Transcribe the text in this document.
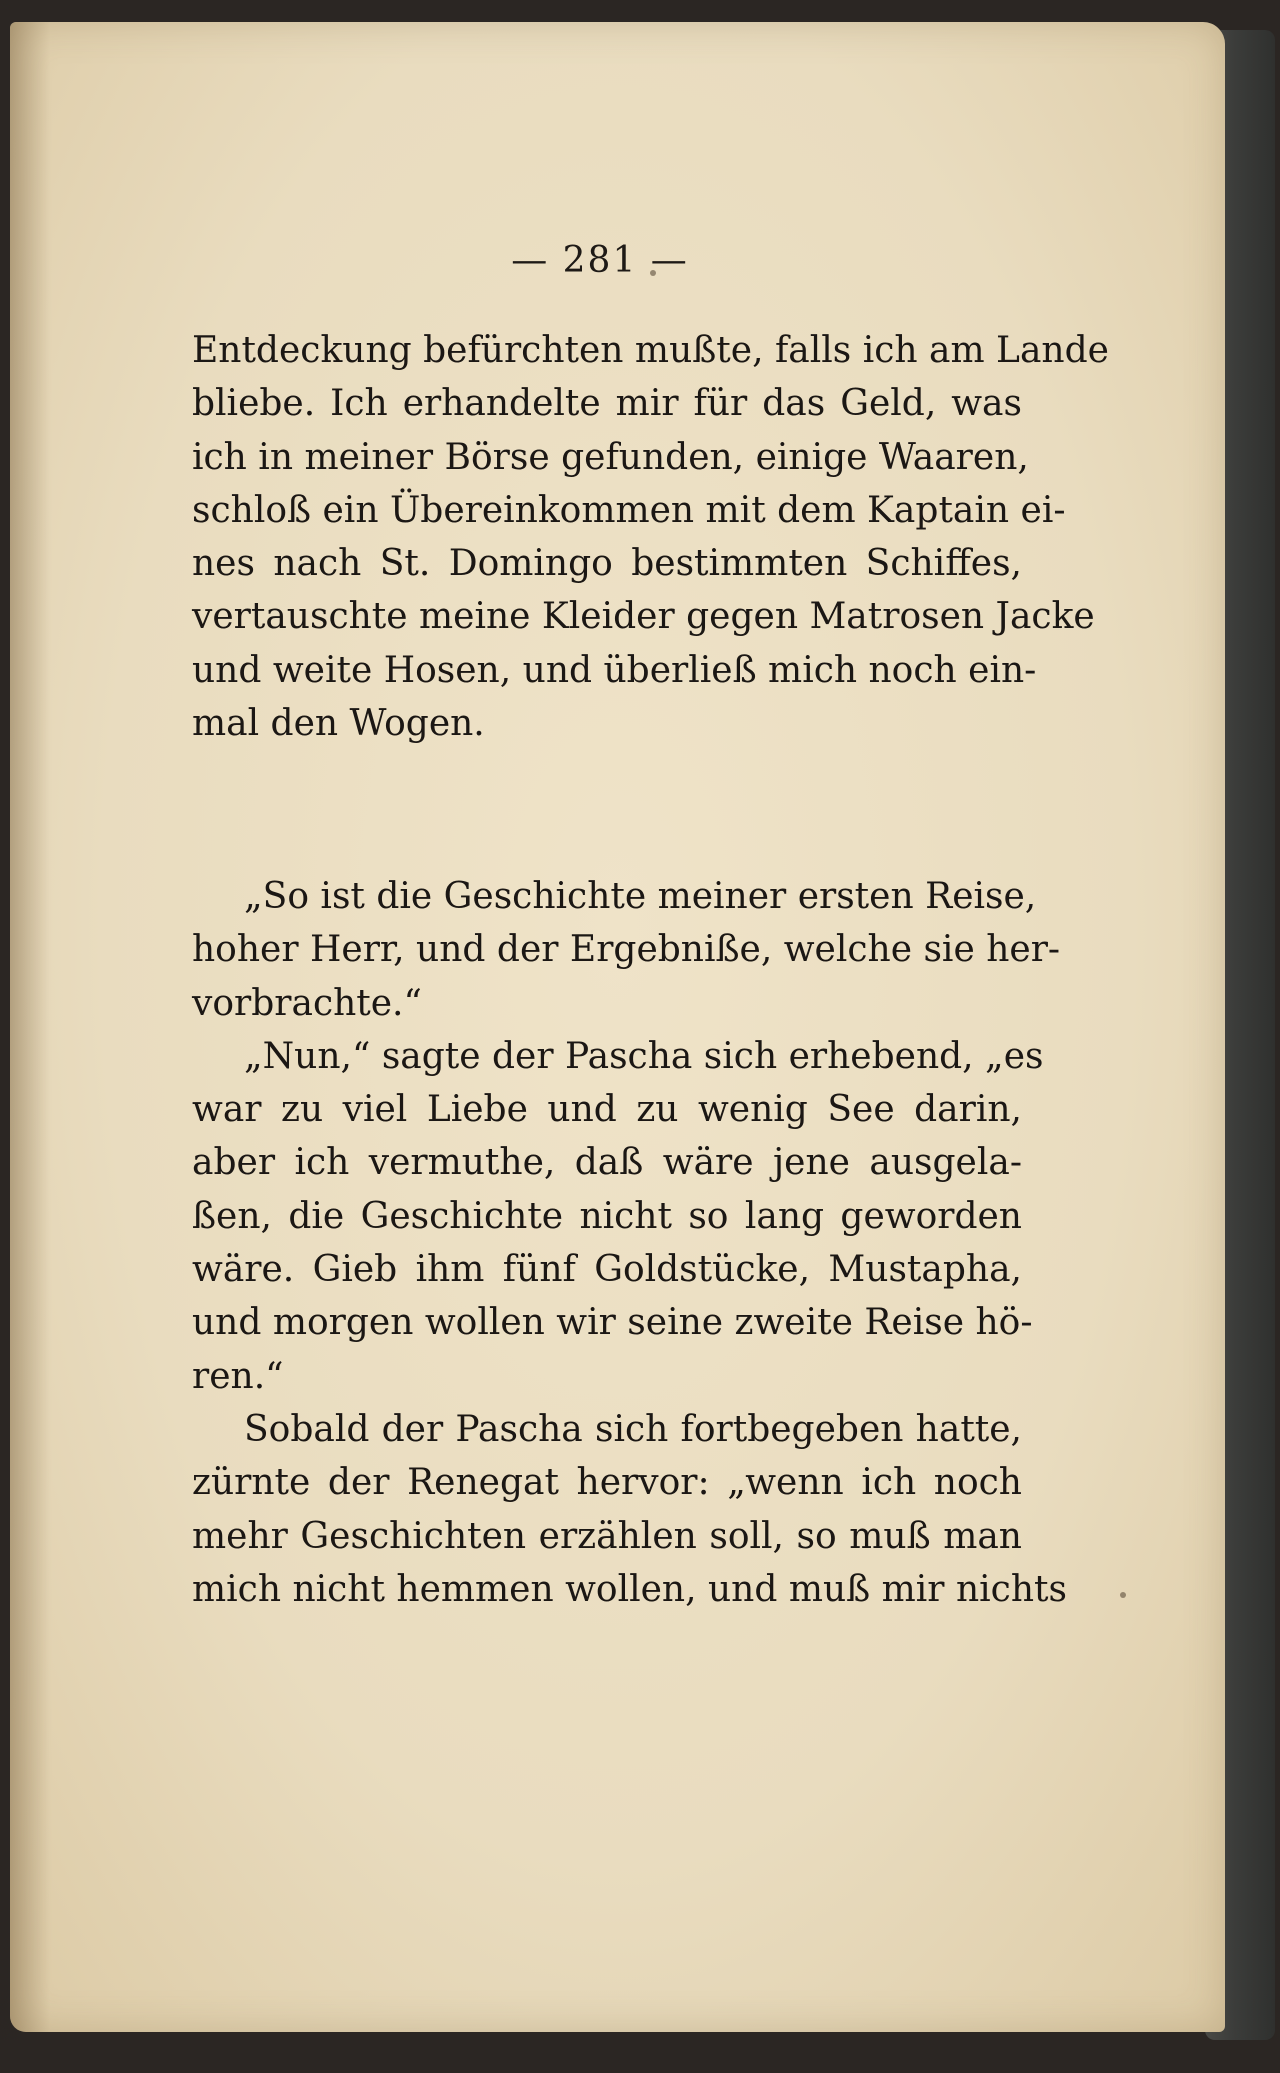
— 281 —
Entdeckung befürchten mußte, falls ich am Lande
bliebe. Ich erhandelte mir für das Geld, was
ich in meiner Börse gefunden, einige Waaren,
schloß ein Übereinkommen mit dem Kaptain ei-
nes nach St. Domingo bestimmten Schiffes,
vertauschte meine Kleider gegen Matrosen Jacke
und weite Hosen, und überließ mich noch ein-
mal den Wogen.
„So ist die Geschichte meiner ersten Reise,
hoher Herr, und der Ergebniße, welche sie her-
vorbrachte.“
„Nun,“ sagte der Pascha sich erhebend, „es
war zu viel Liebe und zu wenig See darin,
aber ich vermuthe, daß wäre jene ausgela-
ßen, die Geschichte nicht so lang geworden
wäre. Gieb ihm fünf Goldstücke, Mustapha,
und morgen wollen wir seine zweite Reise hö-
ren.“
Sobald der Pascha sich fortbegeben hatte,
zürnte der Renegat hervor: „wenn ich noch
mehr Geschichten erzählen soll, so muß man
mich nicht hemmen wollen, und muß mir nichts
